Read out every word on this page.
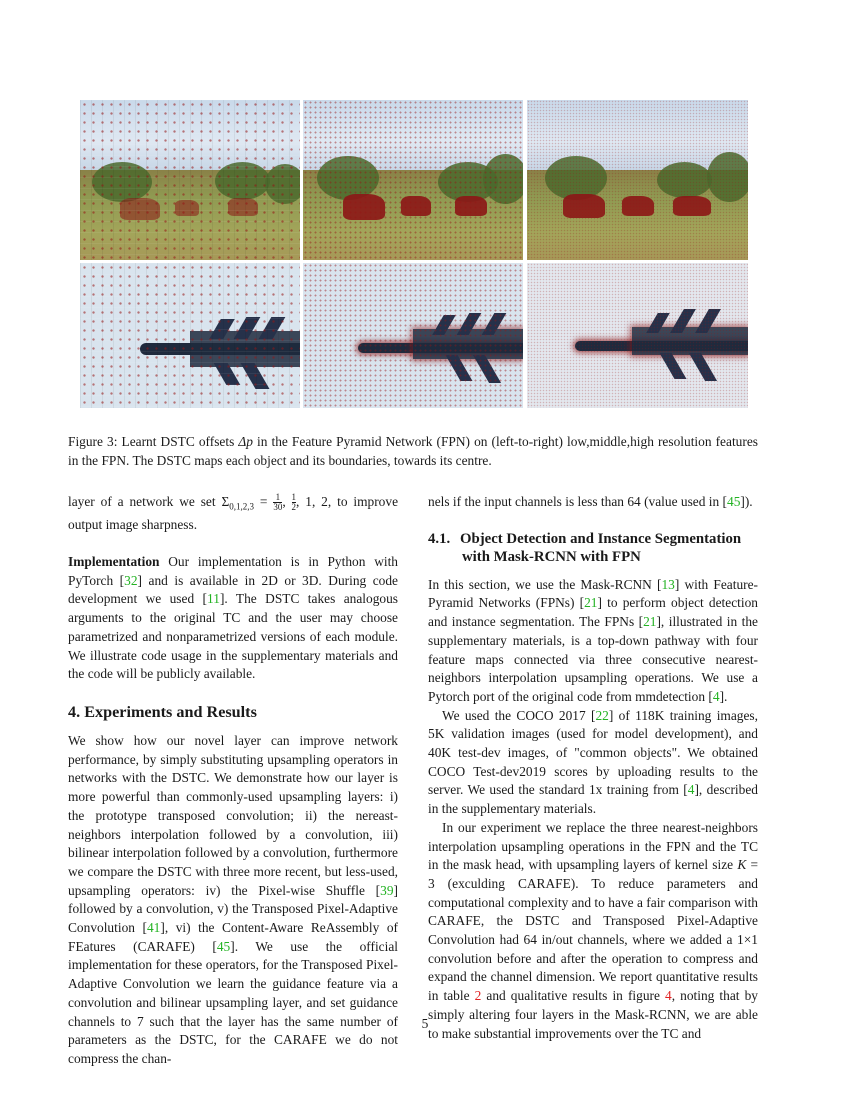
Figure 3: Learnt DSTC offsets Δp in the Feature Pyramid Network (FPN) on (left-to-right) low,middle,high resolution features in the FPN. The DSTC maps each object and its boundaries, towards its centre.

layer of a network we set $\Sigma_{0,1,2,3} = \frac{1}{30}$ , $\frac{1}{2}$ , 1, 2, to improve output image sharpness.

Implementation Our implementation is in Python with PyTorch [32] and is available in 2D or 3D. During code development we used [11]. The DSTC takes analogous arguments to the original TC and the user may choose parametrized and nonparametrized versions of each module. We illustrate code usage in the supplementary materials and the code will be publicly available.

4. Experiments and Results

We show how our novel layer can improve network performance, by simply substituting upsampling operators in networks with the DSTC. We demonstrate how our layer is more powerful than commonly-used upsampling layers: i) the prototype transposed convolution; ii) the nereast-neighbors interpolation followed by a convolution, iii) bilinear interpolation followed by a convolution, furthermore we compare the DSTC with three more recent, but less-used, upsampling operators: iv) the Pixel-wise Shuffle [39] followed by a convolution, v) the Transposed Pixel-Adaptive Convolution [41], vi) the Content-Aware ReAssembly of FEatures (CARAFE) [45]. We use the official implementation for these operators, for the Transposed Pixel-Adaptive Convolution we learn the guidance feature via a convolution and bilinear upsampling layer, and set guidance channels to 7 such that the layer has the same number of parameters as the DSTC, for the CARAFE we do not compress the chan-

nels if the input channels is less than 64 (value used in [45]).

4.1. Object Detection and Instance Segmentation
with Mask-RCNN with FPN

In this section, we use the Mask-RCNN [13] with Feature-Pyramid Networks (FPNs) [21] to perform object detection and instance segmentation. The FPNs [21], illustrated in the supplementary materials, is a top-down pathway with four feature maps connected via three consecutive nearest-neighbors interpolation upsampling operations. We use a Pytorch port of the original code from mmdetection [4].

We used the COCO 2017 [22] of 118K training images, 5K validation images (used for model development), and 40K test-dev images, of "common objects". We obtained COCO Test-dev2019 scores by uploading results to the server. We used the standard 1x training from [4], described in the supplementary materials.

In our experiment we replace the three nearest-neighbors interpolation upsampling operations in the FPN and the TC in the mask head, with upsampling layers of kernel size K = 3 (exculding CARAFE). To reduce parameters and computational complexity and to have a fair comparison with CARAFE, the DSTC and Transposed Pixel-Adaptive Convolution had 64 in/out channels, where we added a 1×1 convolution before and after the operation to compress and expand the channel dimension. We report quantitative results in table 2 and qualitative results in figure 4, noting that by simply altering four layers in the Mask-RCNN, we are able to make substantial improvements over the TC and

5
